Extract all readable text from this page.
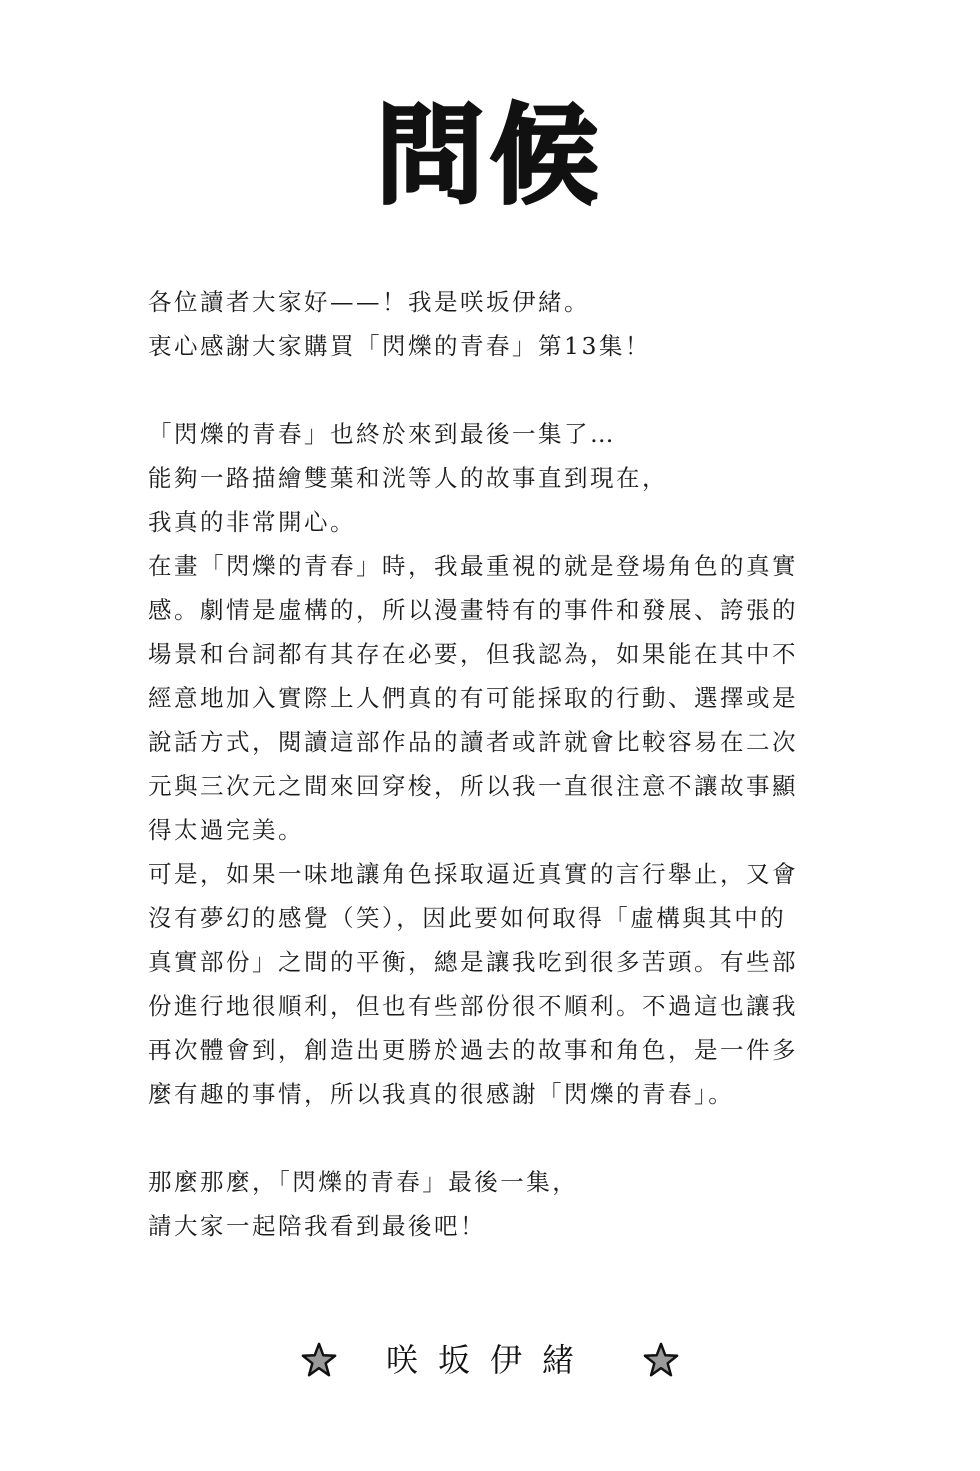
問候
各位讀者大家好——！我是咲坂伊緒。
衷心感謝大家購買「閃爍的青春」第13集！
「閃爍的青春」也終於來到最後一集了…
能夠一路描繪雙葉和洸等人的故事直到現在，
我真的非常開心。
在畫「閃爍的青春」時，我最重視的就是登場角色的真實
感。劇情是虛構的，所以漫畫特有的事件和發展、誇張的
場景和台詞都有其存在必要，但我認為，如果能在其中不
經意地加入實際上人們真的有可能採取的行動、選擇或是
說話方式，閱讀這部作品的讀者或許就會比較容易在二次
元與三次元之間來回穿梭，所以我一直很注意不讓故事顯
得太過完美。
可是，如果一味地讓角色採取逼近真實的言行舉止，又會
沒有夢幻的感覺（笑），因此要如何取得「虛構與其中的
真實部份」之間的平衡，總是讓我吃到很多苦頭。有些部
份進行地很順利，但也有些部份很不順利。不過這也讓我
再次體會到，創造出更勝於過去的故事和角色，是一件多
麼有趣的事情，所以我真的很感謝「閃爍的青春」。
那麼那麼，「閃爍的青春」最後一集，
請大家一起陪我看到最後吧！
咲坂伊緒
